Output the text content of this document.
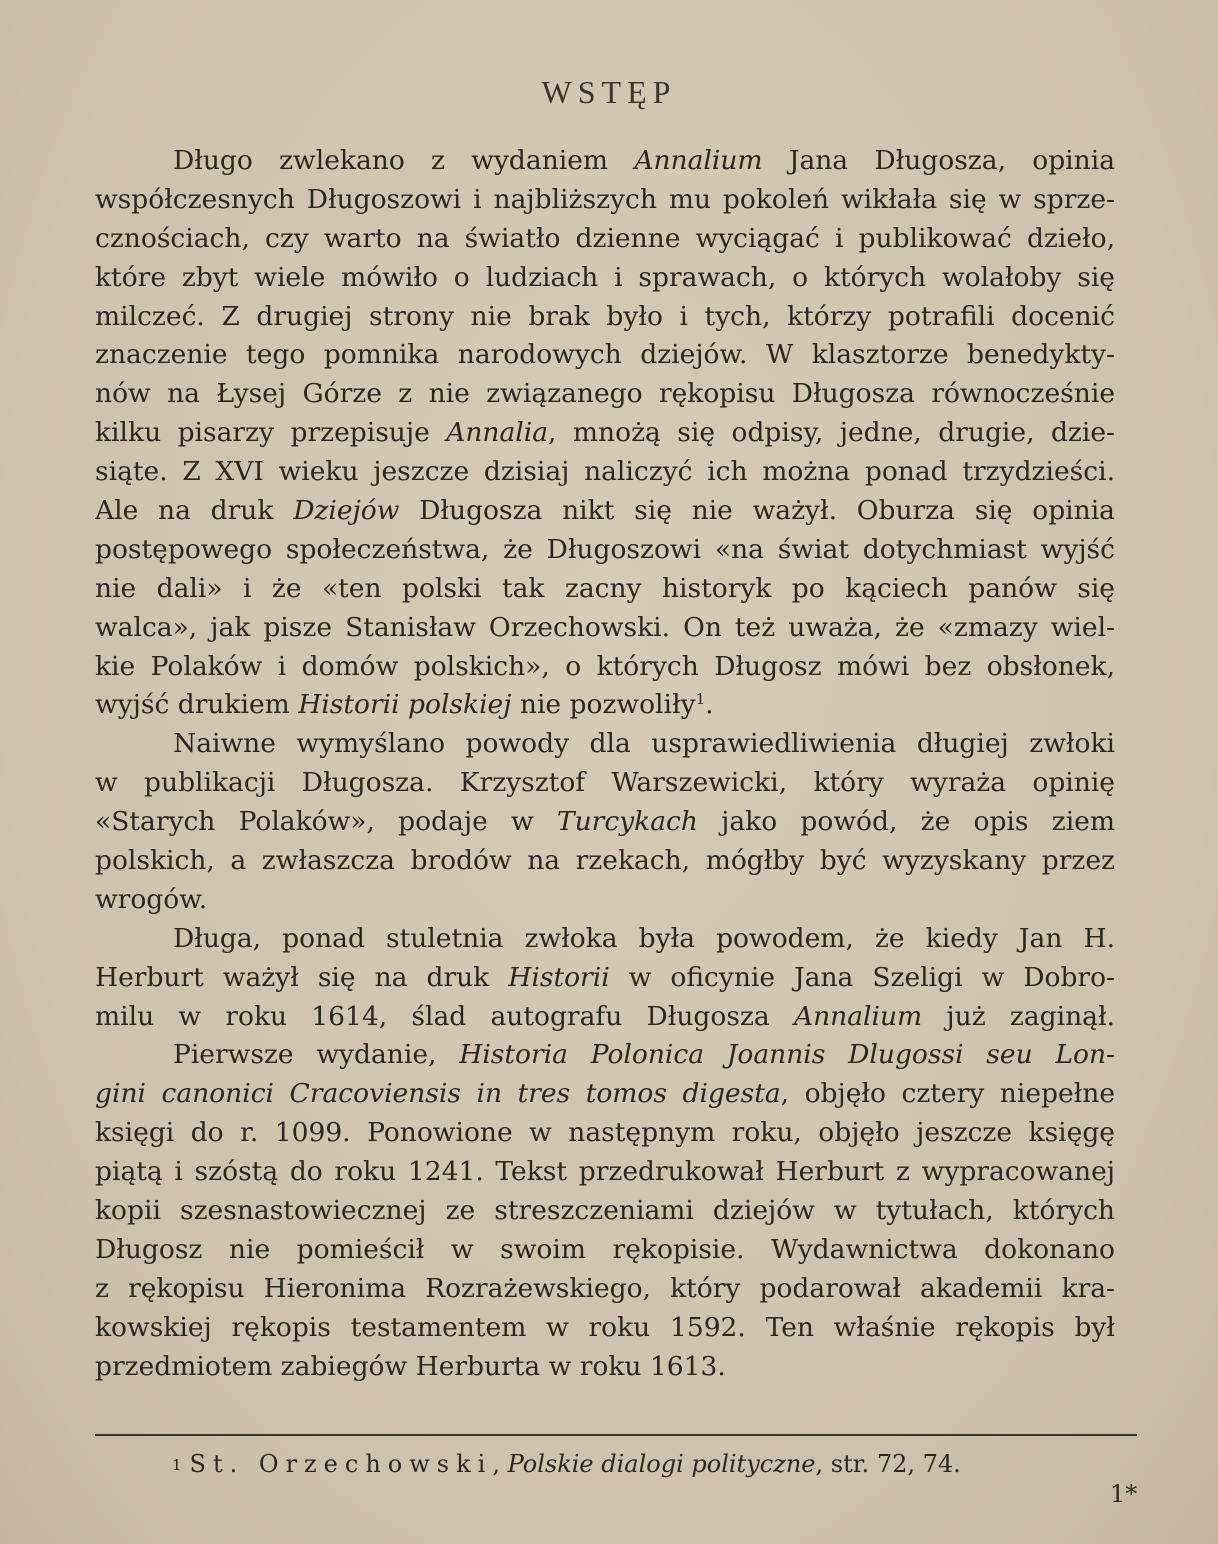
WSTĘP
Długo zwlekano z wydaniem Annalium Jana Długosza, opinia
współczesnych Długoszowi i najbliższych mu pokoleń wikłała się w sprze-
cznościach, czy warto na światło dzienne wyciągać i publikować dzieło,
które zbyt wiele mówiło o ludziach i sprawach, o których wolałoby się
milczeć. Z drugiej strony nie brak było i tych, którzy potrafili docenić
znaczenie tego pomnika narodowych dziejów. W klasztorze benedykty-
nów na Łysej Górze z nie związanego rękopisu Długosza równocześnie
kilku pisarzy przepisuje Annalia, mnożą się odpisy, jedne, drugie, dzie-
siąte. Z XVI wieku jeszcze dzisiaj naliczyć ich można ponad trzydzieści.
Ale na druk Dziejów Długosza nikt się nie ważył. Oburza się opinia
postępowego społeczeństwa, że Długoszowi «na świat dotychmiast wyjść
nie dali» i że «ten polski tak zacny historyk po kąciech panów się
walca», jak pisze Stanisław Orzechowski. On też uważa, że «zmazy wiel-
kie Polaków i domów polskich», o których Długosz mówi bez obsłonek,
wyjść drukiem Historii polskiej nie pozwoliły$^1$.
Naiwne wymyślano powody dla usprawiedliwienia długiej zwłoki
w publikacji Długosza. Krzysztof Warszewicki, który wyraża opinię
«Starych Polaków», podaje w Turcykach jako powód, że opis ziem
polskich, a zwłaszcza brodów na rzekach, mógłby być wyzyskany przez
wrogów.
Długa, ponad stuletnia zwłoka była powodem, że kiedy Jan H.
Herburt ważył się na druk Historii w oficynie Jana Szeligi w Dobro-
milu w roku 1614, ślad autografu Długosza Annalium już zaginął.
Pierwsze wydanie, Historia Polonica Joannis Dlugossi seu Lon-
gini canonici Cracoviensis in tres tomos digesta, objęło cztery niepełne
księgi do r. 1099. Ponowione w następnym roku, objęło jeszcze księgę
piątą i szóstą do roku 1241. Tekst przedrukował Herburt z wypracowanej
kopii szesnastowiecznej ze streszczeniami dziejów w tytułach, których
Długosz nie pomieścił w swoim rękopisie. Wydawnictwa dokonano
z rękopisu Hieronima Rozrażewskiego, który podarował akademii kra-
kowskiej rękopis testamentem w roku 1592. Ten właśnie rękopis był
przedmiotem zabiegów Herburta w roku 1613.
1 St. Orzechowski, Polskie dialogi polityczne, str. 72, 74.
1*
